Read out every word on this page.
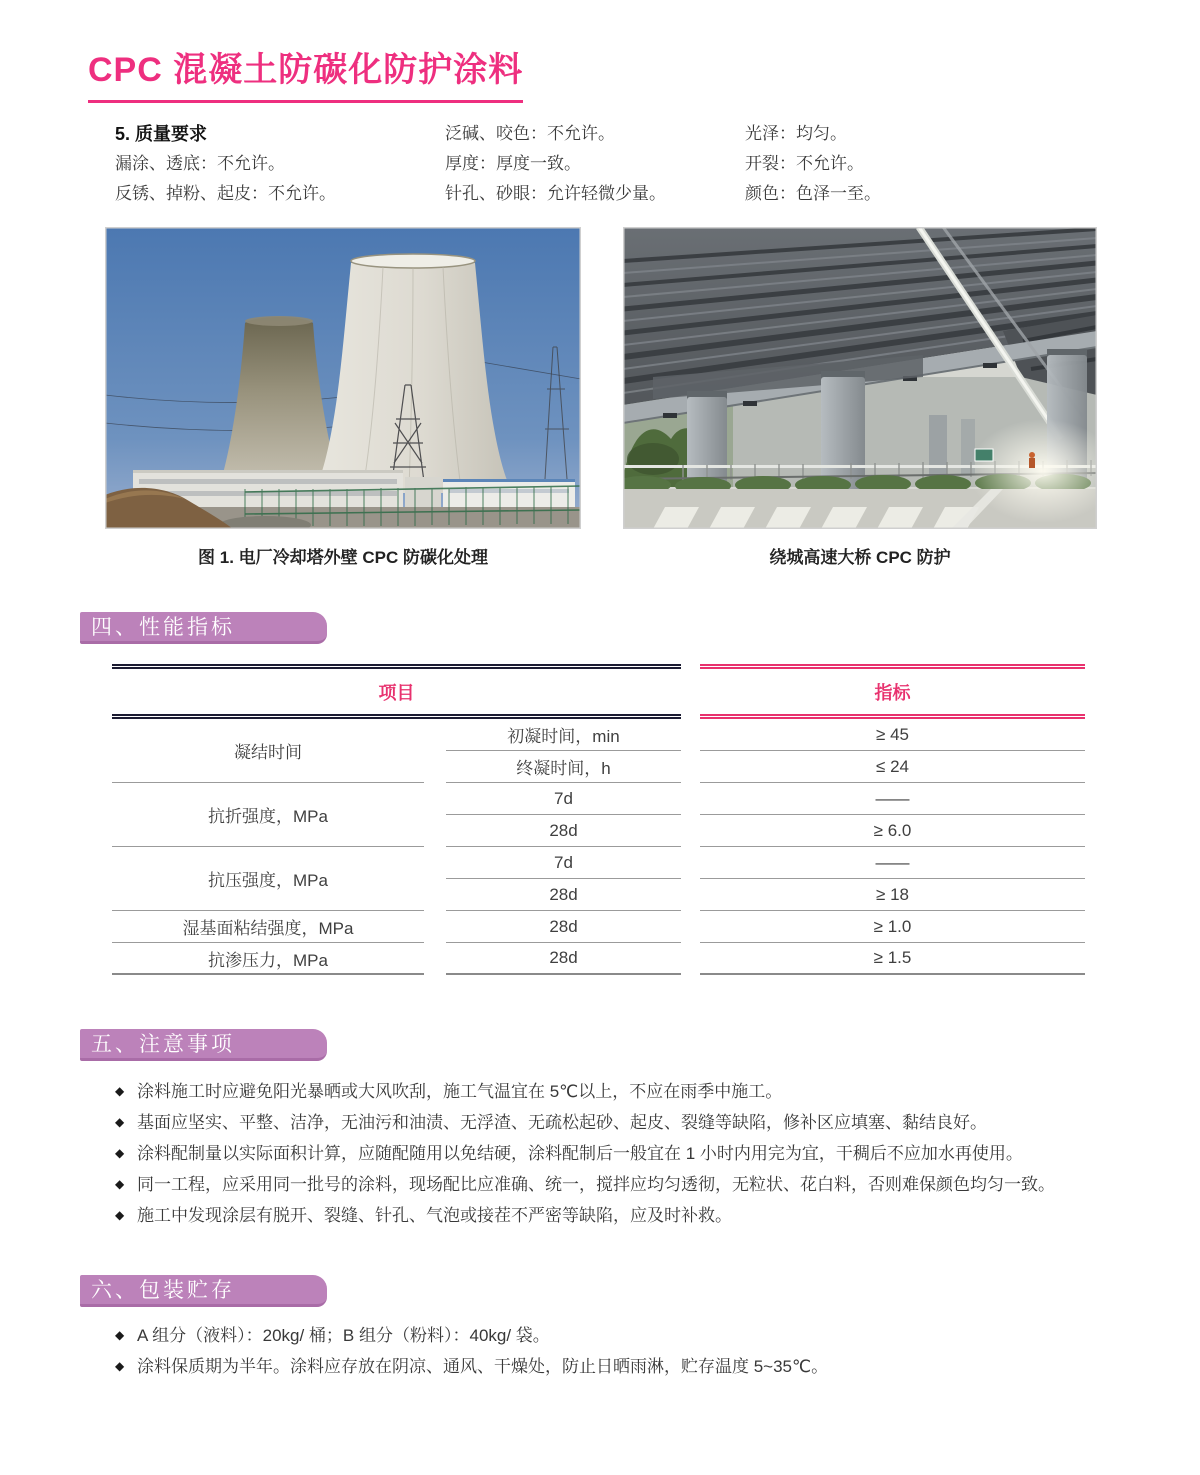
CPC 混凝土防碳化防护涂料
5. 质量要求
漏涂、透底：不允许。
反锈、掉粉、起皮：不允许。
泛碱、咬色：不允许。
厚度：厚度一致。
针孔、砂眼：允许轻微少量。
光泽：均匀。
开裂：不允许。
颜色：色泽一至。
图 1. 电厂冷却塔外壁 CPC 防碳化处理	绕城高速大桥 CPC 防护
四、性能指标
项目	指标
凝结时间
初凝时间，min	≥ 45
终凝时间，h	≤ 24
抗折强度，MPa
7d	——
28d	≥ 6.0
抗压强度，MPa
7d	——
28d	≥ 18
湿基面粘结强度，MPa	28d	≥ 1.0
抗渗压力，MPa	28d	≥ 1.5
五、注意事项
◆ 涂料施工时应避免阳光暴晒或大风吹刮，施工气温宜在 5℃以上，不应在雨季中施工。
◆ 基面应坚实、平整、洁净，无油污和油渍、无浮渣、无疏松起砂、起皮、裂缝等缺陷，修补区应填塞、黏结良好。
◆ 涂料配制量以实际面积计算，应随配随用以免结硬，涂料配制后一般宜在 1 小时内用完为宜，干稠后不应加水再使用。
◆ 同一工程，应采用同一批号的涂料，现场配比应准确、统一，搅拌应均匀透彻，无粒状、花白料，否则难保颜色均匀一致。
◆ 施工中发现涂层有脱开、裂缝、针孔、气泡或接茬不严密等缺陷，应及时补救。
六、包装贮存
◆ A 组分（液料）：20kg/ 桶；B 组分（粉料）：40kg/ 袋。
◆ 涂料保质期为半年。涂料应存放在阴凉、通风、干燥处，防止日晒雨淋，贮存温度 5~35℃。
